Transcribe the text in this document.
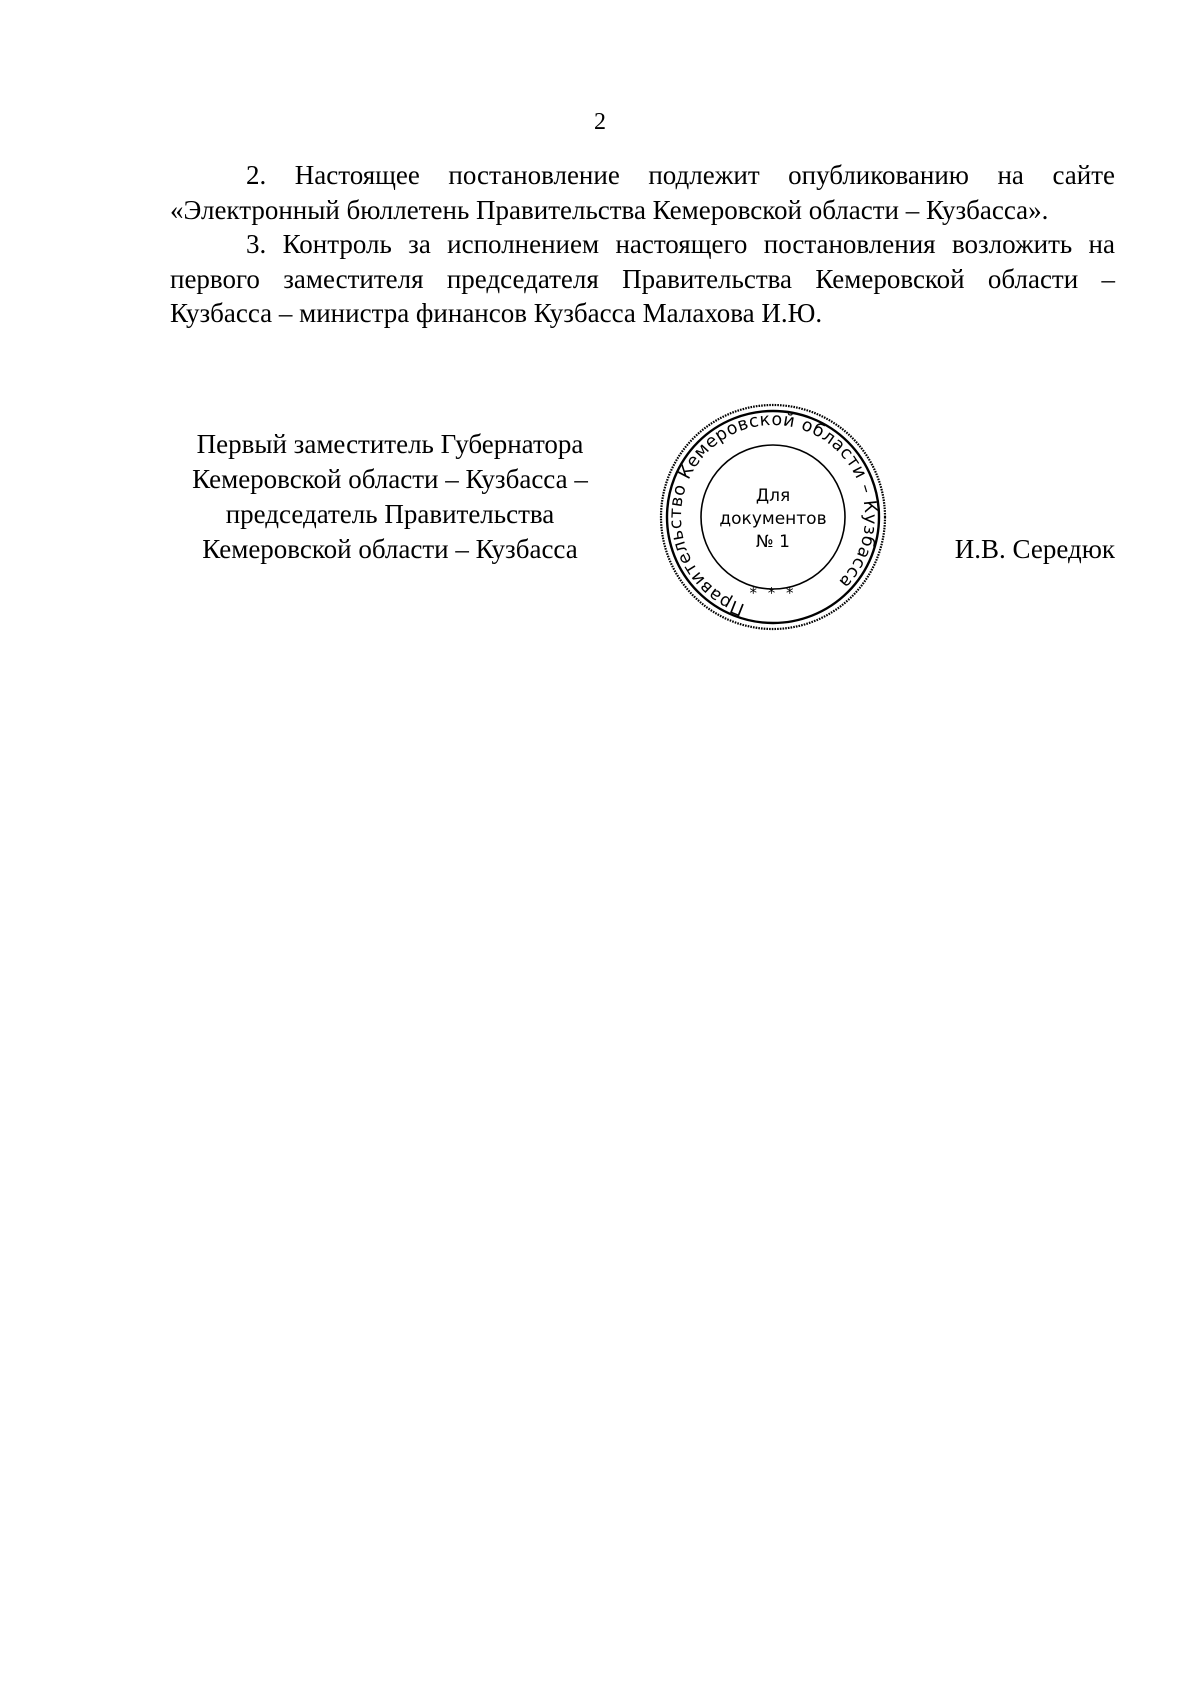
2

2. Настоящее постановление подлежит опубликованию на сайте «Электронный бюллетень Правительства Кемеровской области – Кузбасса».

3. Контроль за исполнением настоящего постановления возложить на первого заместителя председателя Правительства Кемеровской области – Кузбасса – министра финансов Кузбасса Малахова И.Ю.

Первый заместитель Губернатора
Кемеровской области – Кузбасса –
председатель Правительства
Кемеровской области – Кузбасса
Правительство Кемеровской области – Кузбасса
* * *
Для
документов
№ 1	И.В. Середюк
